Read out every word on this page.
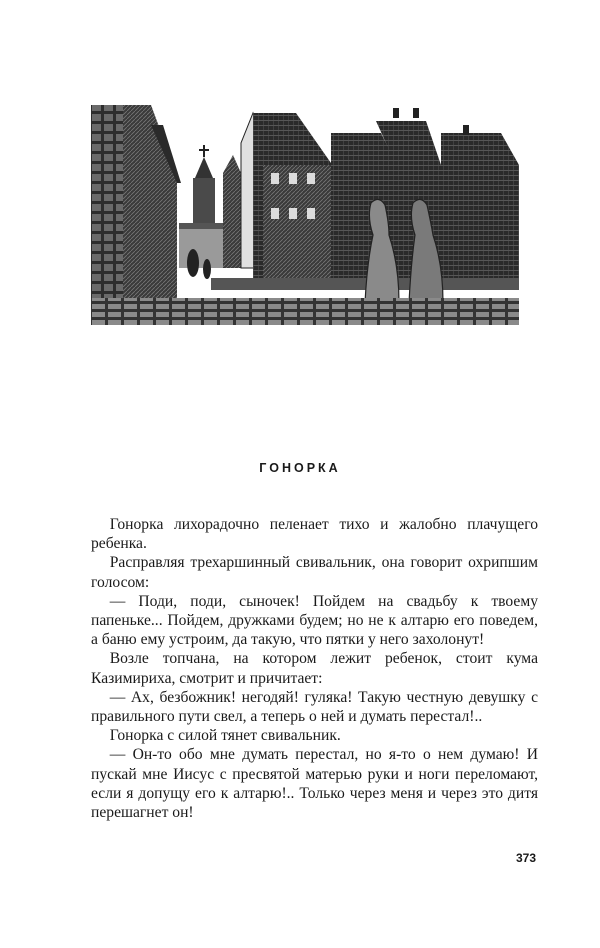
ГОНОРКА

Гонорка лихорадочно пеленает тихо и жалобно плачущего ребенка.

Расправляя трехаршинный свивальник, она говорит охрипшим голосом:

— Поди, поди, сыночек! Пойдем на свадьбу к твоему папеньке... Пойдем, дружками будем; но не к алтарю его поведем, а баню ему устроим, да такую, что пятки у него захолонут!

Возле топчана, на котором лежит ребенок, стоит кума Казимириха, смотрит и причитает:

— Ах, безбожник! негодяй! гуляка! Такую честную девушку с правильного пути свел, а теперь о ней и думать перестал!..

Гонорка с силой тянет свивальник.

— Он-то обо мне думать перестал, но я-то о нем думаю! И пускай мне Иисус с пресвятой матерью руки и ноги переломают, если я допущу его к алтарю!.. Только через меня и через это дитя перешагнет он!

373
